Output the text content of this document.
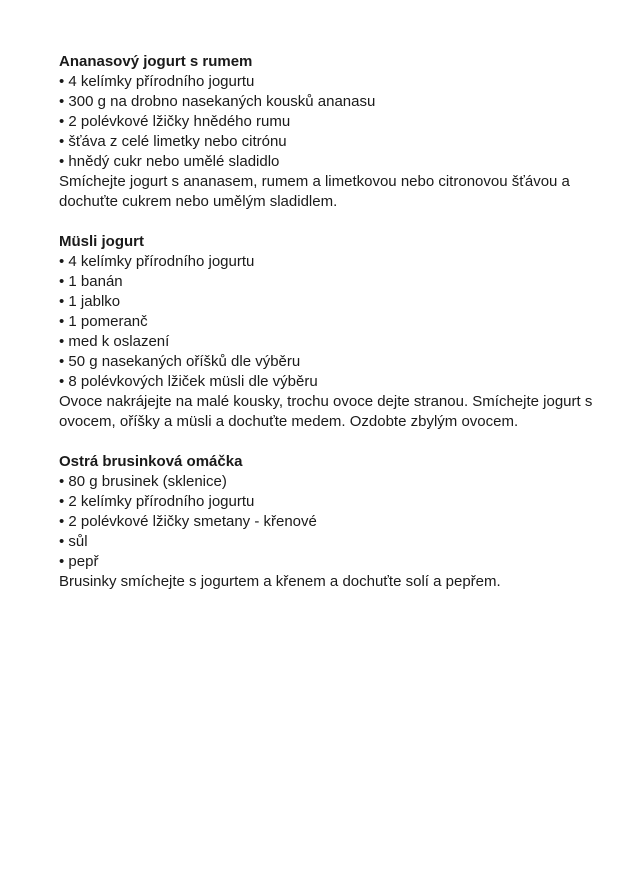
Ananasový jogurt s rumem
• 4 kelímky přírodního jogurtu
• 300 g na drobno nasekaných kousků ananasu
• 2 polévkové lžičky hnědého rumu
• šťáva z celé limetky nebo citrónu
• hnědý cukr nebo umělé sladidlo

Smíchejte jogurt s ananasem, rumem a limetkovou nebo citronovou šťávou a dochuťte cukrem nebo umělým sladidlem.

Müsli jogurt
• 4 kelímky přírodního jogurtu
• 1 banán
• 1 jablko
• 1 pomeranč
• med k oslazení
• 50 g nasekaných oříšků dle výběru
• 8 polévkových lžiček müsli dle výběru

Ovoce nakrájejte na malé kousky, trochu ovoce dejte stranou. Smíchejte jogurt s ovocem, oříšky a müsli a dochuťte medem. Ozdobte zbylým ovocem.

Ostrá brusinková omáčka
• 80 g brusinek (sklenice)
• 2 kelímky přírodního jogurtu
• 2 polévkové lžičky smetany - křenové
• sůl
• pepř

Brusinky smíchejte s jogurtem a křenem a dochuťte solí a pepřem.
